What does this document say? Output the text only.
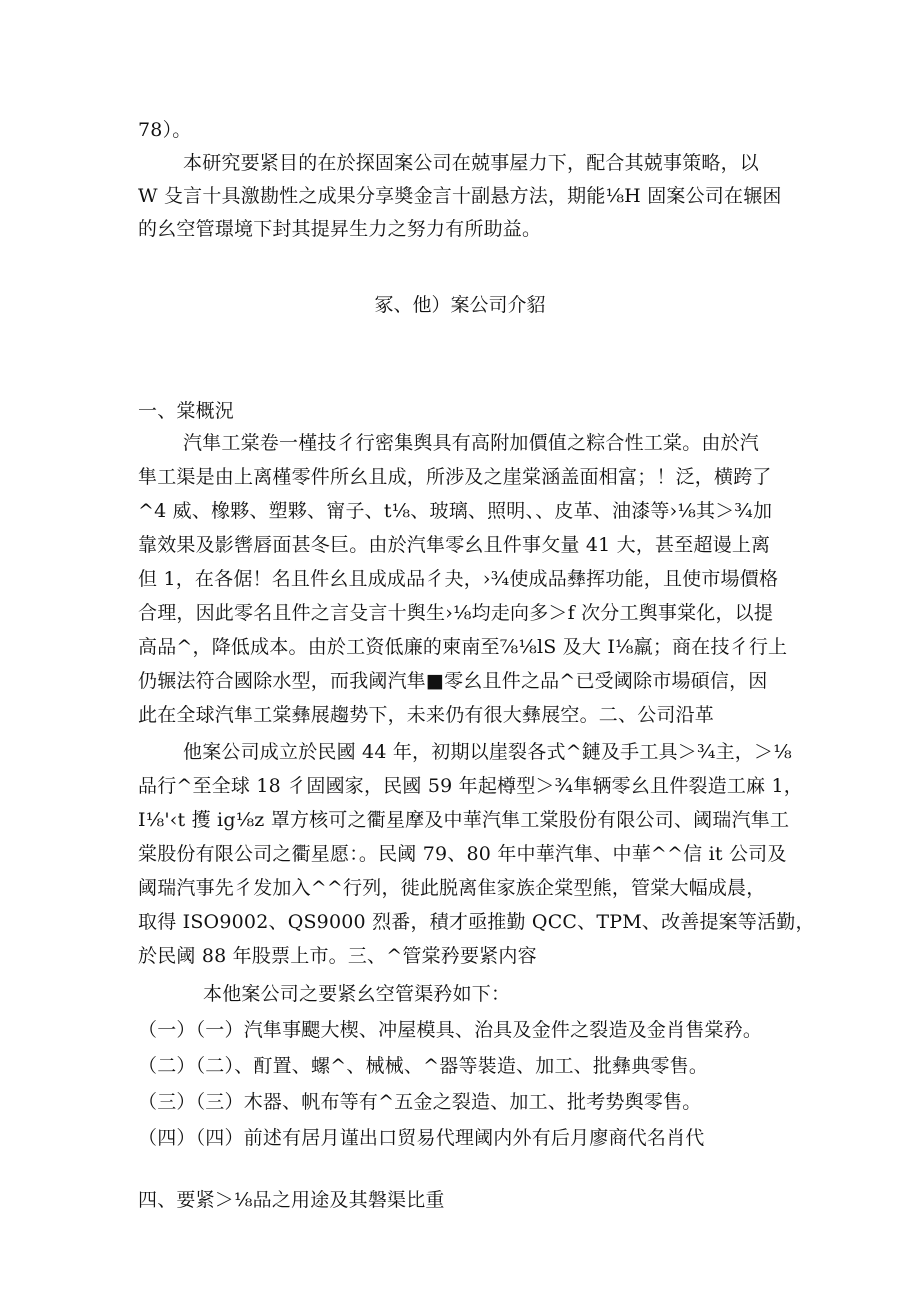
78）。
本研究要紧目的在於探固案公司在兢事屋力下，配合其兢事策略，以
W 殳言十具激勘性之成果分享奬金言十副悬方法，期能⅛H 固案公司在辗困
的幺空管璟境下封其提昇生力之努力有所助益。
冢、他）案公司介貂
一、棠概況
汽隼工棠卷一槿技彳行密集舆具有高附加價值之粽合性工棠。由於汽
隼工渠是由上离槿零件所幺且成，所涉及之崖棠涵盖面相富；！泛，横跨了
^4 威、橡夥、塑夥、甯子、t⅛、玻璃、照明、、皮革、油漆等›⅛其＞¾加
靠效果及影辔唇面甚冬巨。由於汽隼零幺且件事攵量 41 大，甚至超谩上离
但 1，在各倨！名且件幺且成成品彳夬，›¾使成品彝挥功能，且使市場價格
合理，因此零名且件之言殳言十舆生›⅛均走向多＞f 次分工舆事棠化，以提
高品^，降低成本。由於工资低廉的柬南至⅞⅛lS 及大 I⅛羸；商在技彳行上
仍辗法符合國除水型，而我阈汽隼■零幺且件之品^已受阈除市場碩信，因
此在全球汽隼工棠彝展趨势下，未来仍有很大彝展空。二、公司沿革
他案公司成立於民國 44 年，初期以崖裂各式^鏈及手工具＞¾主，＞⅛
品行^至全球 18 彳固國家，民國 59 年起樽型＞¾隼辆零幺且件裂造工麻 1，
I⅛'‹t 擭 ig⅛z 罩方核可之衢星摩及中華汽隼工棠股份有限公司、阈瑞汽隼工
棠股份有限公司之衢星愿：。民阈 79、80 年中華汽隼、中華^^信 it 公司及
阈瑞汽事先彳发加入^^行列，徙此脱离隹家族企棠型熊，管棠大幅成晨，
取得 ISO9002、QS9000 烈番，積才亟推勤 QCC、TPM、改善提案等活勤，
於民阈 88 年股票上市。三、^管棠矜要紧内容
本他案公司之要紧幺空管渠矜如下：
（一）（一）汽隼事颸大楔、冲屋模具、治具及金件之裂造及金肖售棠矜。
（二）（二）、酊置、螺^、械械、^器等裝造、加工、批彝典零售。
（三）（三）木器、帆布等有^五金之裂造、加工、批考势舆零售。
（四）（四）前述有居月谨出口贸易代理阈内外有后月廖商代名肖代
四、要紧＞⅛品之用途及其磐渠比重
